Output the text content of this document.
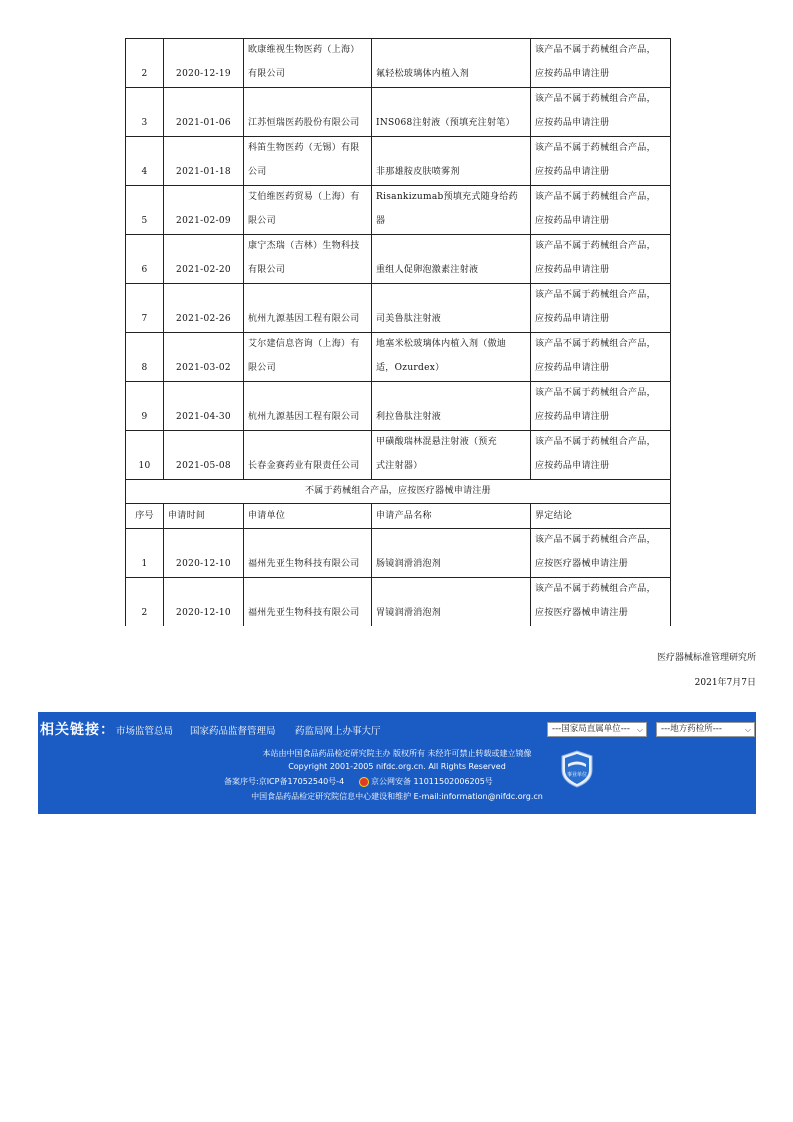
2	2020-12-19	欧康维视生物医药（上海）
有限公司	氟轻松玻璃体内植入剂	该产品不属于药械组合产品，
应按药品申请注册

3	2021-01-06	江苏恒瑞医药股份有限公司	INS068注射液（预填充注射笔）	该产品不属于药械组合产品，
应按药品申请注册

4	2021-01-18	科笛生物医药（无锡）有限
公司	非那雄胺皮肤喷雾剂	该产品不属于药械组合产品，
应按药品申请注册

5	2021-02-09	艾伯维医药贸易（上海）有
限公司	Risankizumab预填充式随身给药器	该产品不属于药械组合产品，
应按药品申请注册

6	2021-02-20	康宁杰瑞（吉林）生物科技
有限公司	重组人促卵泡激素注射液	该产品不属于药械组合产品，
应按药品申请注册

7	2021-02-26	杭州九源基因工程有限公司	司美鲁肽注射液	该产品不属于药械组合产品，
应按药品申请注册

8	2021-03-02	艾尔建信息咨询（上海）有
限公司	地塞米松玻璃体内植入剂（傲迪
适，Ozurdex）	该产品不属于药械组合产品，
应按药品申请注册

9	2021-04-30	杭州九源基因工程有限公司	利拉鲁肽注射液	该产品不属于药械组合产品，
应按药品申请注册

10	2021-05-08	长春金赛药业有限责任公司	甲磺酸瑞林混悬注射液（预充
式注射器）	该产品不属于药械组合产品，
应按药品申请注册

不属于药械组合产品，应按医疗器械申请注册				
序号	申请时间	申请单位	申请产品名称	界定结论
1	2020-12-10	福州先亚生物科技有限公司	肠镜润滑消泡剂	该产品不属于药械组合产品，
应按医疗器械申请注册

2	2020-12-10	福州先亚生物科技有限公司	胃镜润滑消泡剂	该产品不属于药械组合产品，
应按医疗器械申请注册
医疗器械标准管理研究所
2021年7月7日
相关链接： 市场监管总局 国家药品监督管理局 药监局网上办事大厅	---国家局直属单位--- ⌵	---地方药检所---	⌵
本站由中国食品药品检定研究院主办 版权所有 未经许可禁止转载或建立镜像
Copyright 2001-2005 nifdc.org.cn. All Rights Reserved
备案序号:京ICP备17052540号-4	京公网安备 11011502006205号
中国食品药品检定研究院信息中心建设和维护 E-mail:information@nifdc.org.cn
事业单位
